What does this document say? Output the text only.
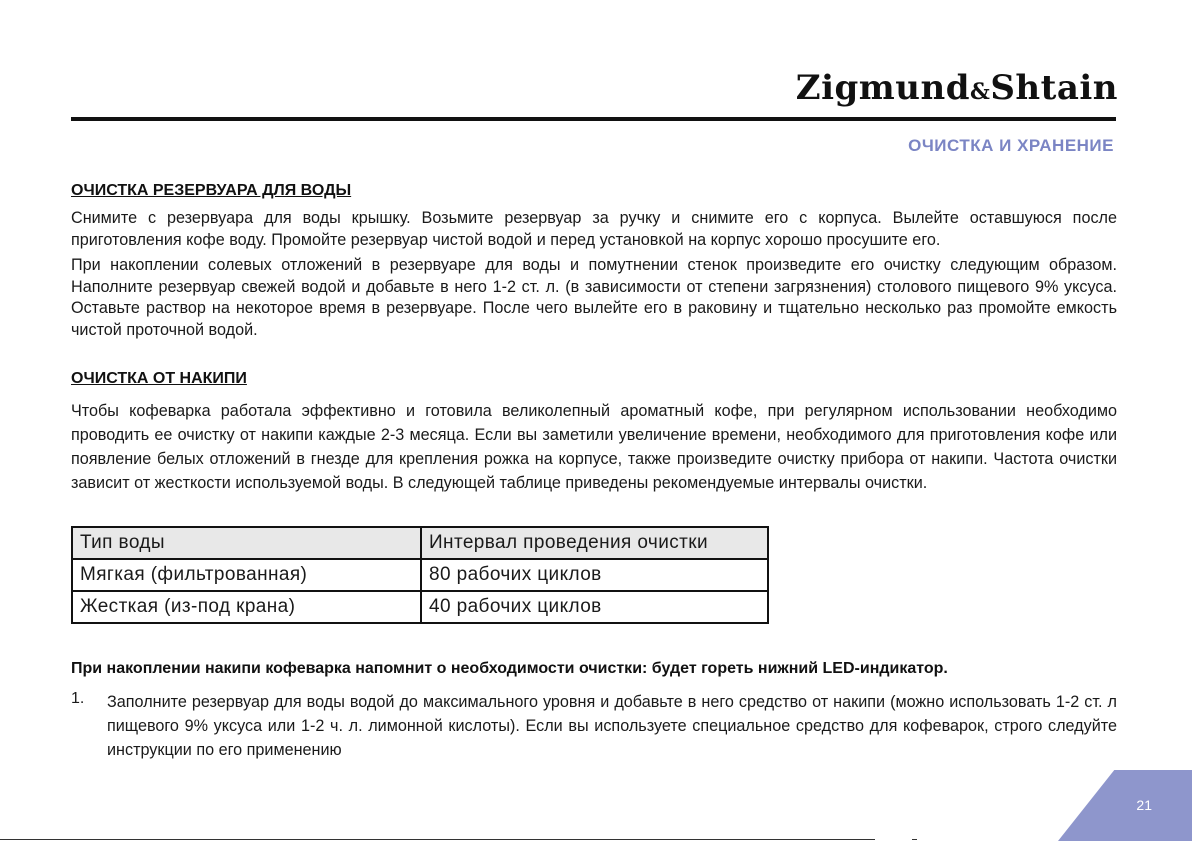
Zigmund&Shtain
ОЧИСТКА И ХРАНЕНИЕ
ОЧИСТКА РЕЗЕРВУАРА ДЛЯ ВОДЫ

Снимите с резервуара для воды крышку. Возьмите резервуар за ручку и снимите его с корпуса. Вылейте оставшуюся после приготовления кофе воду. Промойте резервуар чистой водой и перед установкой на корпус хорошо просушите его.

При накоплении солевых отложений в резервуаре для воды и помутнении стенок произведите его очистку следующим образом. Наполните резервуар свежей водой и добавьте в него 1-2 ст. л. (в зависимости от степени загрязнения) столового пищевого 9% уксуса. Оставьте раствор на некоторое время в резервуаре. После чего вылейте его в раковину и тщательно несколько раз промойте емкость чистой проточной водой.

ОЧИСТКА ОТ НАКИПИ

Чтобы кофеварка работала эффективно и готовила великолепный ароматный кофе, при регулярном использовании необходимо проводить ее очистку от накипи каждые 2-3 месяца. Если вы заметили увеличение времени, необходимого для приготовления кофе или появление белых отложений в гнезде для крепления рожка на корпусе, также произведите очистку прибора от накипи. Частота очистки зависит от жесткости используемой воды. В следующей таблице приведены рекомендуемые интервалы очистки.

Тип воды	Интервал проведения очистки
Мягкая (фильтрованная)	80 рабочих циклов
Жесткая (из-под крана)	40 рабочих циклов

При накоплении накипи кофеварка напомнит о необходимости очистки: будет гореть нижний LED-индикатор.

1. Заполните резервуар для воды водой до максимального уровня и добавьте в него средство от накипи (можно использовать 1-2 ст. л пищевого 9% уксуса или 1-2 ч. л. лимонной кислоты). Если вы используете специальное средство для кофеварок, строго следуйте инструкции по его применению

21
